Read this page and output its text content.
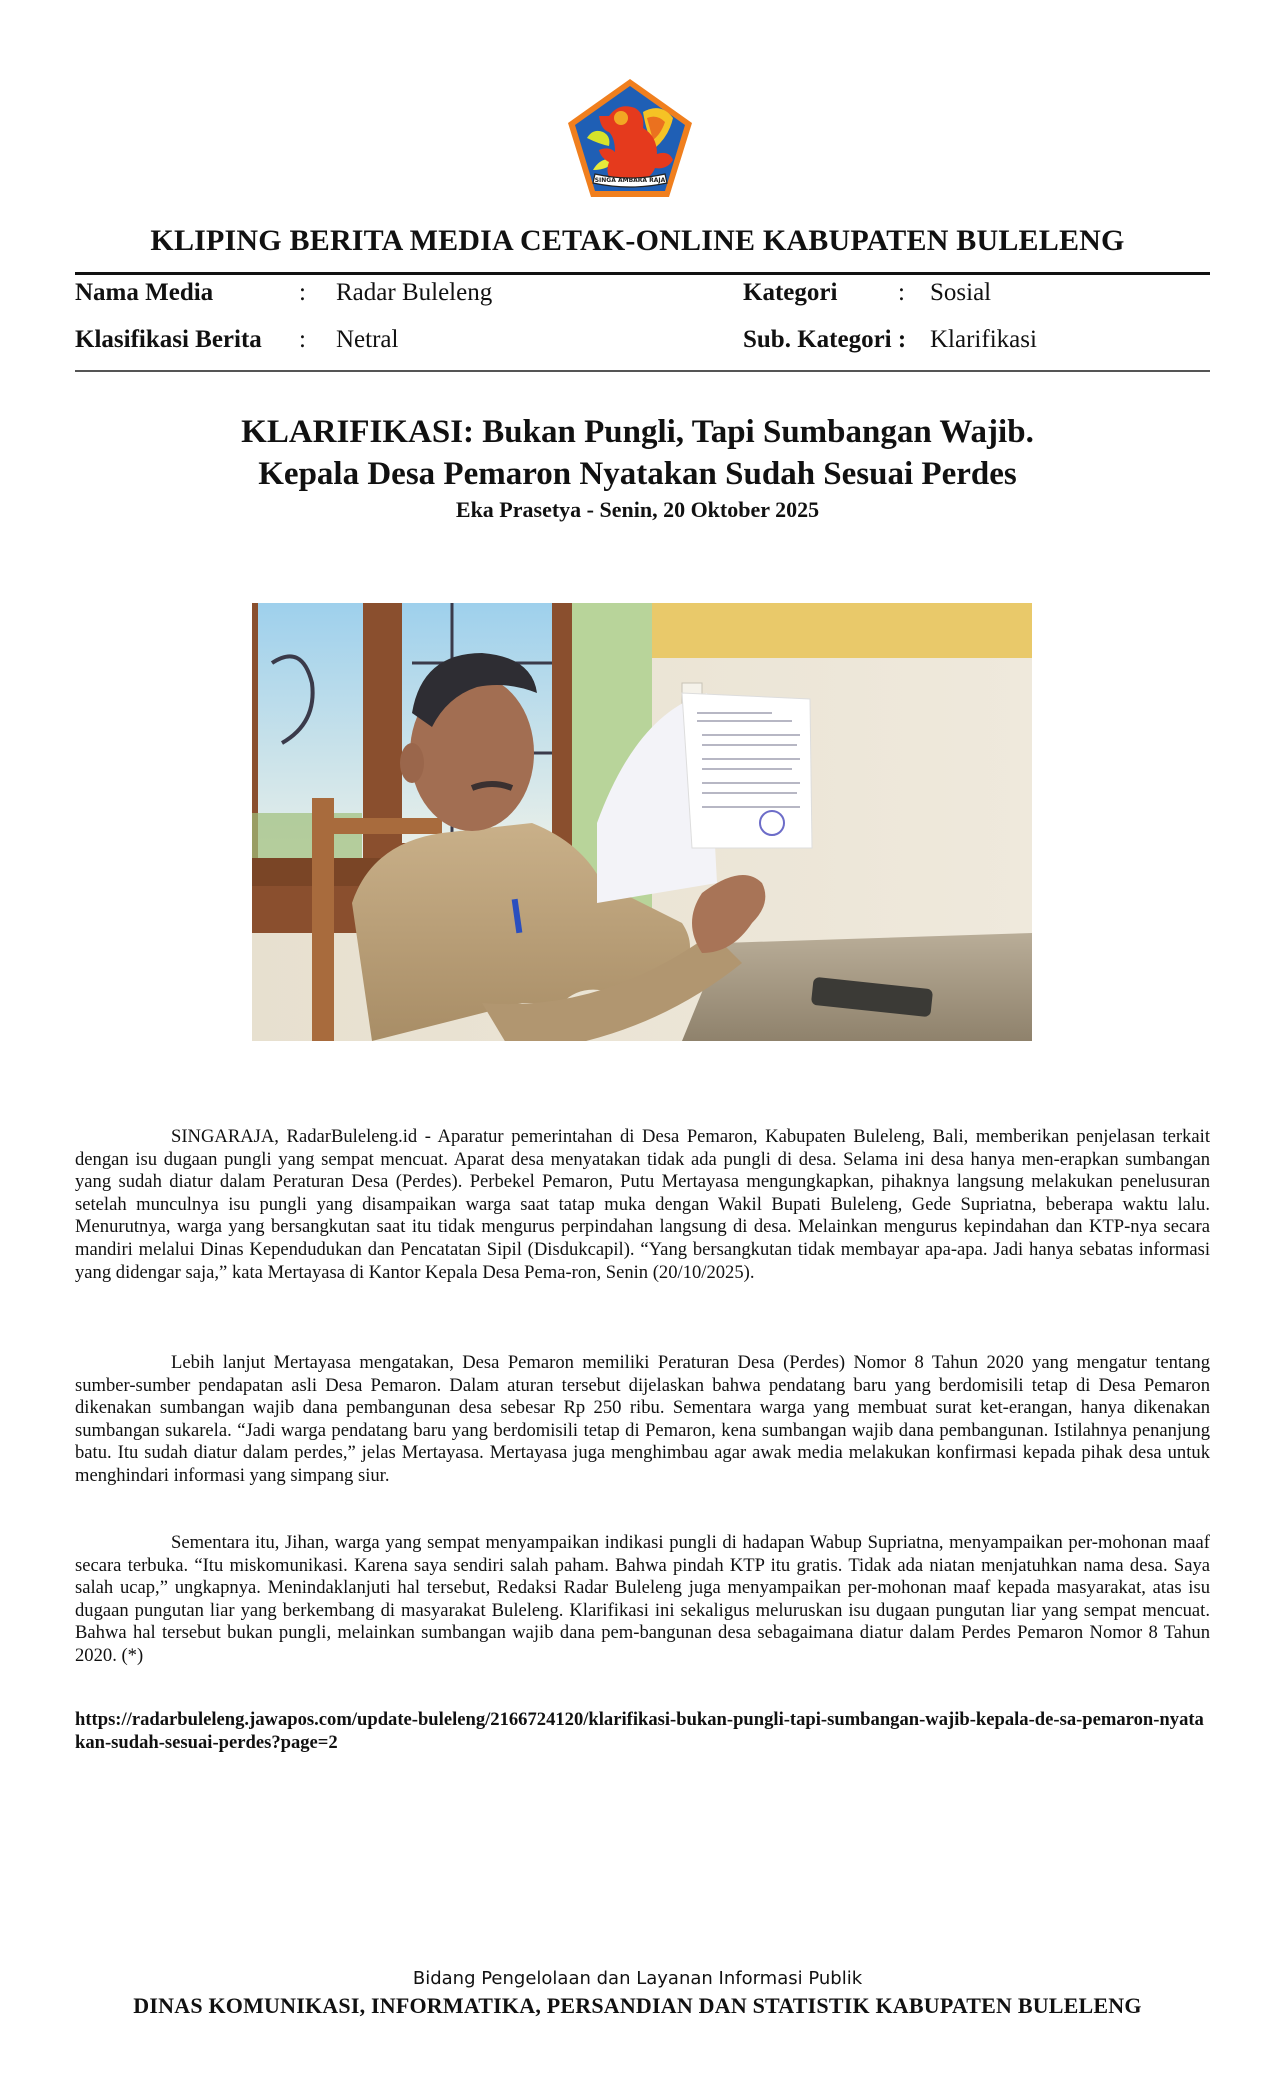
SINGA AMBARA RAJA
KLIPING BERITA MEDIA CETAK-ONLINE KABUPATEN BULELENG
Nama Media	: Radar Buleleng
Klasifikasi Berita : Netral
Kategori : Sosial
Sub. Kategori : Klarifikasi
KLARIFIKASI: Bukan Pungli, Tapi Sumbangan Wajib.
Kepala Desa Pemaron Nyatakan Sudah Sesuai Perdes
Eka Prasetya - Senin, 20 Oktober 2025

SINGARAJA, RadarBuleleng.id - Aparatur pemerintahan di Desa Pemaron, Kabupaten Buleleng, Bali, memberikan penjelasan terkait dengan isu dugaan pungli yang sempat mencuat. Aparat desa menyatakan tidak ada pungli di desa. Selama ini desa hanya men-erapkan sumbangan yang sudah diatur dalam Peraturan Desa (Perdes). Perbekel Pemaron, Putu Mertayasa mengungkapkan, pihaknya langsung melakukan penelusuran setelah munculnya isu pungli yang disampaikan warga saat tatap muka dengan Wakil Bupati Buleleng, Gede Supriatna, beberapa waktu lalu. Menurutnya, warga yang bersangkutan saat itu tidak mengurus perpindahan langsung di desa. Melainkan mengurus kepindahan dan KTP-nya secara mandiri melalui Dinas Kependudukan dan Pencatatan Sipil (Disdukcapil). “Yang bersangkutan tidak membayar apa-apa. Jadi hanya sebatas informasi yang didengar saja,” kata Mertayasa di Kantor Kepala Desa Pema-ron, Senin (20/10/2025).

Lebih lanjut Mertayasa mengatakan, Desa Pemaron memiliki Peraturan Desa (Perdes) Nomor 8 Tahun 2020 yang mengatur tentang sumber-sumber pendapatan asli Desa Pemaron. Dalam aturan tersebut dijelaskan bahwa pendatang baru yang berdomisili tetap di Desa Pemaron dikenakan sumbangan wajib dana pembangunan desa sebesar Rp 250 ribu. Sementara warga yang membuat surat ket-erangan, hanya dikenakan sumbangan sukarela. “Jadi warga pendatang baru yang berdomisili tetap di Pemaron, kena sumbangan wajib dana pembangunan. Istilahnya penanjung batu. Itu sudah diatur dalam perdes,” jelas Mertayasa. Mertayasa juga menghimbau agar awak media melakukan konfirmasi kepada pihak desa untuk menghindari informasi yang simpang siur.

Sementara itu, Jihan, warga yang sempat menyampaikan indikasi pungli di hadapan Wabup Supriatna, menyampaikan per-mohonan maaf secara terbuka. “Itu miskomunikasi. Karena saya sendiri salah paham. Bahwa pindah KTP itu gratis. Tidak ada niatan menjatuhkan nama desa. Saya salah ucap,” ungkapnya. Menindaklanjuti hal tersebut, Redaksi Radar Buleleng juga menyampaikan per-mohonan maaf kepada masyarakat, atas isu dugaan pungutan liar yang berkembang di masyarakat Buleleng. Klarifikasi ini sekaligus meluruskan isu dugaan pungutan liar yang sempat mencuat. Bahwa hal tersebut bukan pungli, melainkan sumbangan wajib dana pem-bangunan desa sebagaimana diatur dalam Perdes Pemaron Nomor 8 Tahun 2020. (*)

https://radarbuleleng.jawapos.com/update-buleleng/2166724120/klarifikasi-bukan-pungli-tapi-sumbangan-wajib-kepala-de-sa-pemaron-nyatakan-sudah-sesuai-perdes?page=2
Bidang Pengelolaan dan Layanan Informasi Publik
DINAS KOMUNIKASI, INFORMATIKA, PERSANDIAN DAN STATISTIK KABUPATEN BULELENG
